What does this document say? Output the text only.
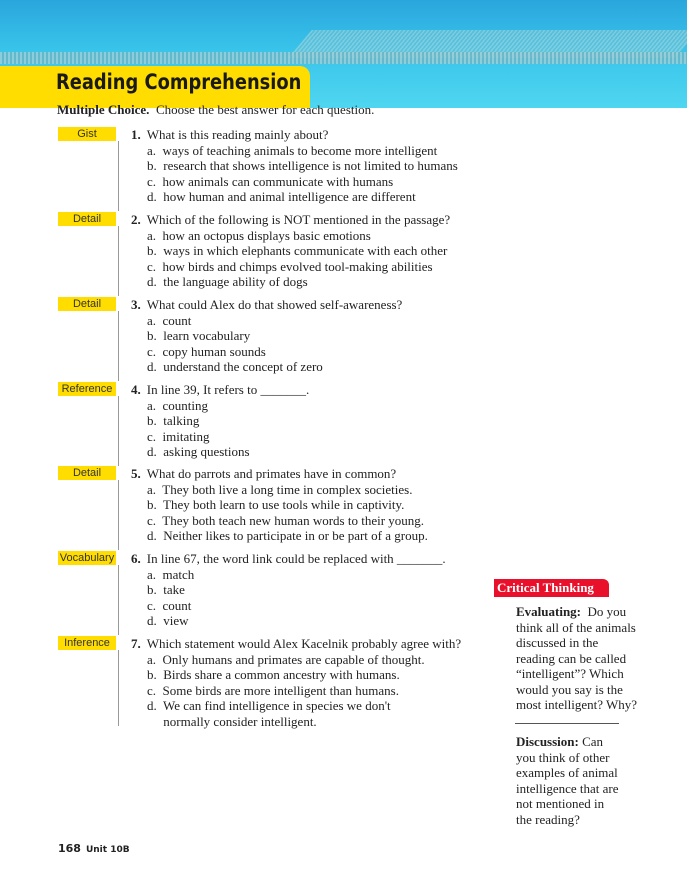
Reading Comprehension
Multiple Choice. Choose the best answer for each question.
Gist	1. What is this reading mainly about?
a.  ways of teaching animals to become more intelligent
b.  research that shows intelligence is not limited to humans
c.  how animals can communicate with humans
d.  how human and animal intelligence are different
Detail	2. Which of the following is NOT mentioned in the passage?
a.  how an octopus displays basic emotions
b.  ways in which elephants communicate with each other
c.  how birds and chimps evolved tool-making abilities
d.  the language ability of dogs
Detail	3. What could Alex do that showed self-awareness?
a.  count
b.  learn vocabulary
c.  copy human sounds
d.  understand the concept of zero
Reference 4. In line 39, It refers to _______.
a.  counting
b.  talking
c.  imitating
d.  asking questions
Detail	5. What do parrots and primates have in common?
a.  They both live a long time in complex societies.
b.  They both learn to use tools while in captivity.
c.  They both teach new human words to their young.
d.  Neither likes to participate in or be part of a group.
Vocabulary 6. In line 67, the word link could be replaced with _______.
a.  match
b.  take
c.  count
d.  view
Inference	7. Which statement would Alex Kacelnik probably agree with?
a.  Only humans and primates are capable of thought.
b.  Birds share a common ancestry with humans.
c.  Some birds are more intelligent than humans.
d.  We can find intelligence in species we don't
normally consider intelligent.
Critical Thinking
Evaluating: Do you
think all of the animals
discussed in the
reading can be called
“intelligent”? Which
would you say is the
most intelligent? Why?
Discussion: Can
you think of other
examples of animal
intelligence that are
not mentioned in
the reading?
168 Unit 10B
